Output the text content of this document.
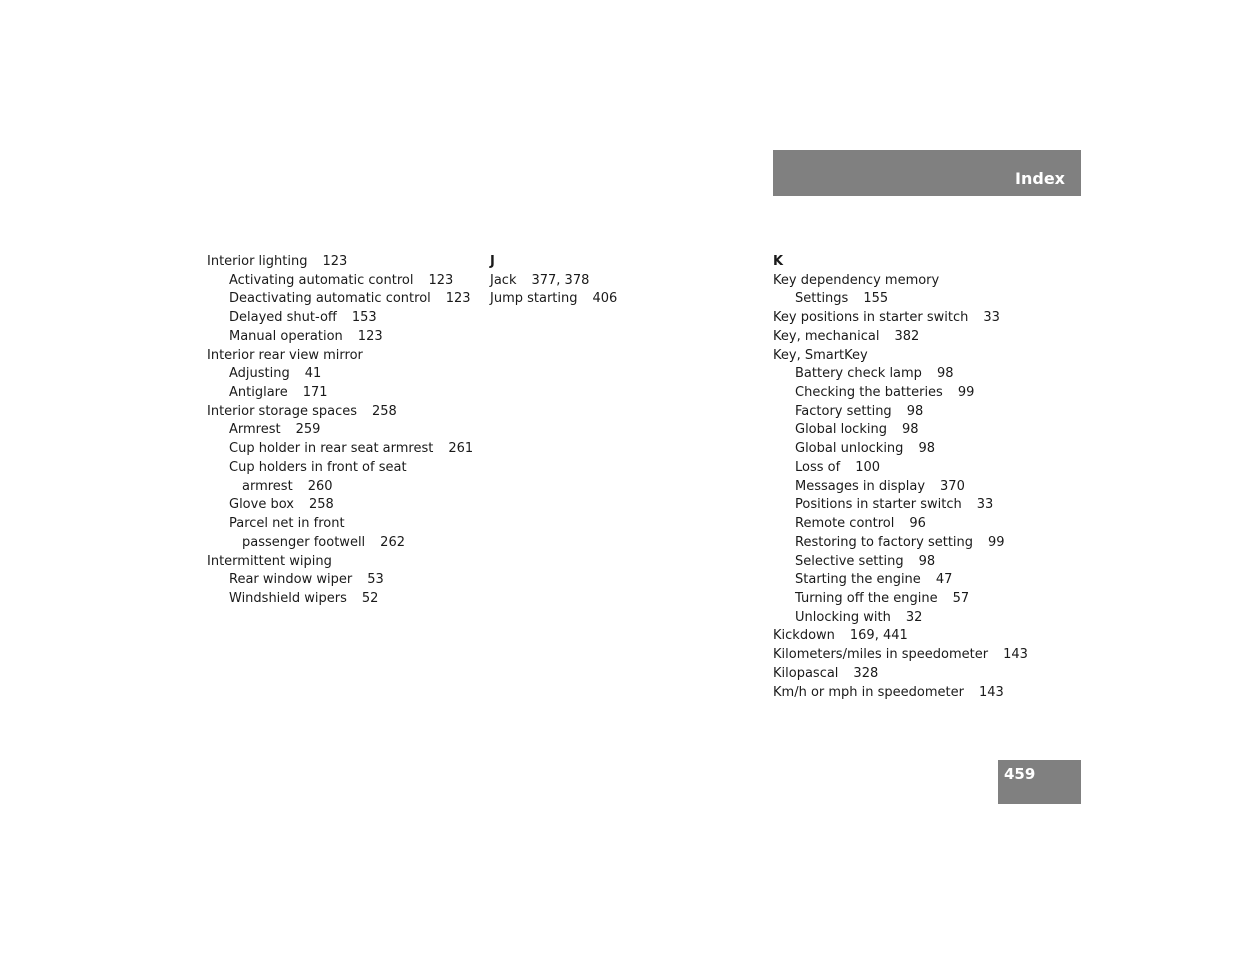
Index
Interior lighting 123
Activating automatic control 123
Deactivating automatic control 123
Delayed shut-off 153
Manual operation 123
Interior rear view mirror
Adjusting 41
Antiglare 171
Interior storage spaces 258
Armrest 259
Cup holder in rear seat armrest 261
Cup holders in front of seat
armrest 260
Glove box 258
Parcel net in front
passenger footwell 262
Intermittent wiping
Rear window wiper 53
Windshield wipers 52
J
Jack 377, 378
Jump starting 406
K
Key dependency memory
Settings 155
Key positions in starter switch 33
Key, mechanical 382
Key, SmartKey
Battery check lamp 98
Checking the batteries 99
Factory setting 98
Global locking 98
Global unlocking 98
Loss of 100
Messages in display 370
Positions in starter switch 33
Remote control 96
Restoring to factory setting 99
Selective setting 98
Starting the engine 47
Turning off the engine 57
Unlocking with 32
Kickdown 169, 441
Kilometers/miles in speedometer 143
Kilopascal 328
Km/h or mph in speedometer 143
459
